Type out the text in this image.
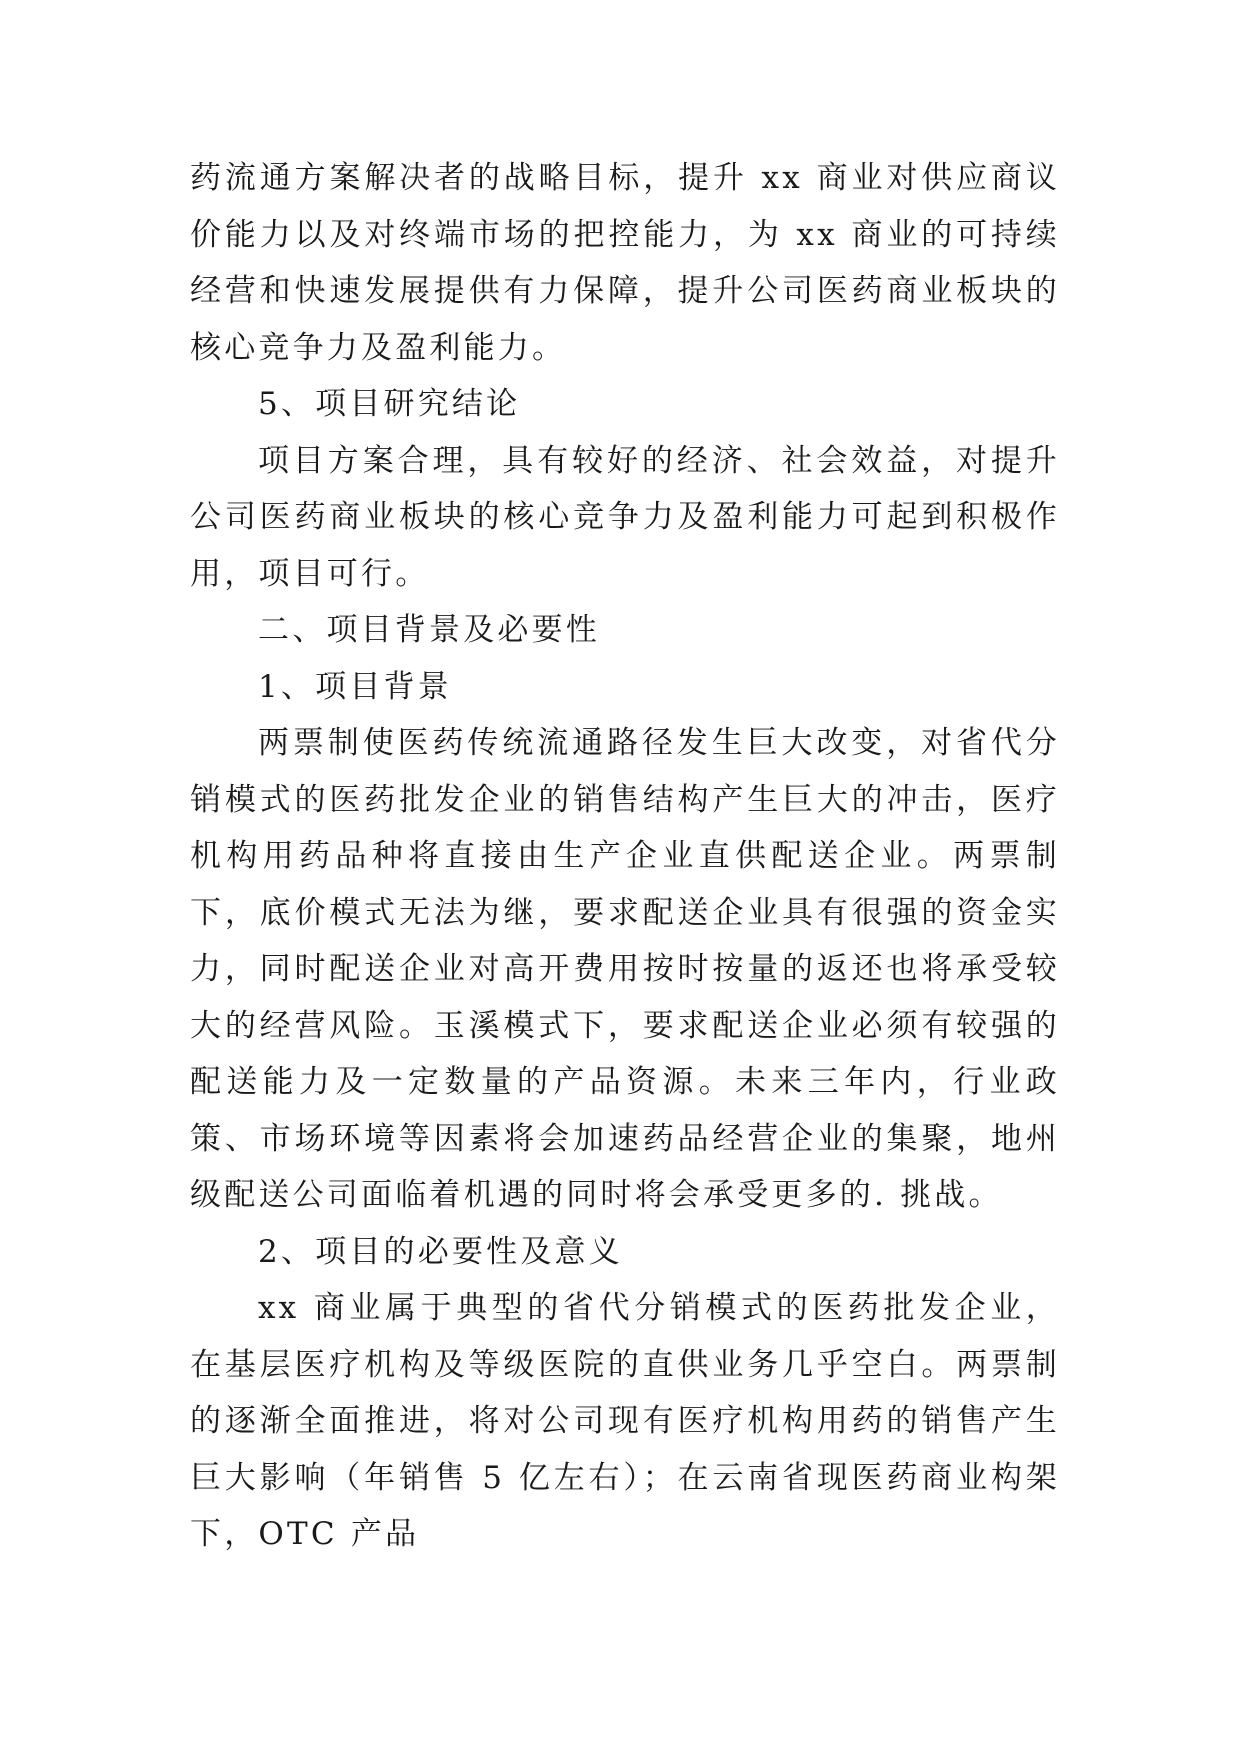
药流通方案解决者的战略目标，提升 xx 商业对供应商议价能力以及对终端市场的把控能力，为 xx 商业的可持续经营和快速发展提供有力保障，提升公司医药商业板块的核心竞争力及盈利能力。

5、项目研究结论

项目方案合理，具有较好的经济、社会效益，对提升公司医药商业板块的核心竞争力及盈利能力可起到积极作用，项目可行。

二、项目背景及必要性

1、项目背景

两票制使医药传统流通路径发生巨大改变，对省代分销模式的医药批发企业的销售结构产生巨大的冲击，医疗机构用药品种将直接由生产企业直供配送企业。两票制下，底价模式无法为继，要求配送企业具有很强的资金实力，同时配送企业对高开费用按时按量的返还也将承受较大的经营风险。玉溪模式下，要求配送企业必须有较强的配送能力及一定数量的产品资源。未来三年内，行业政策、市场环境等因素将会加速药品经营企业的集聚，地州级配送公司面临着机遇的同时将会承受更多的. 挑战。

2、项目的必要性及意义

xx 商业属于典型的省代分销模式的医药批发企业，在基层医疗机构及等级医院的直供业务几乎空白。两票制的逐渐全面推进，将对公司现有医疗机构用药的销售产生巨大影响（年销售 5 亿左右）；在云南省现医药商业构架下，OTC 产品
